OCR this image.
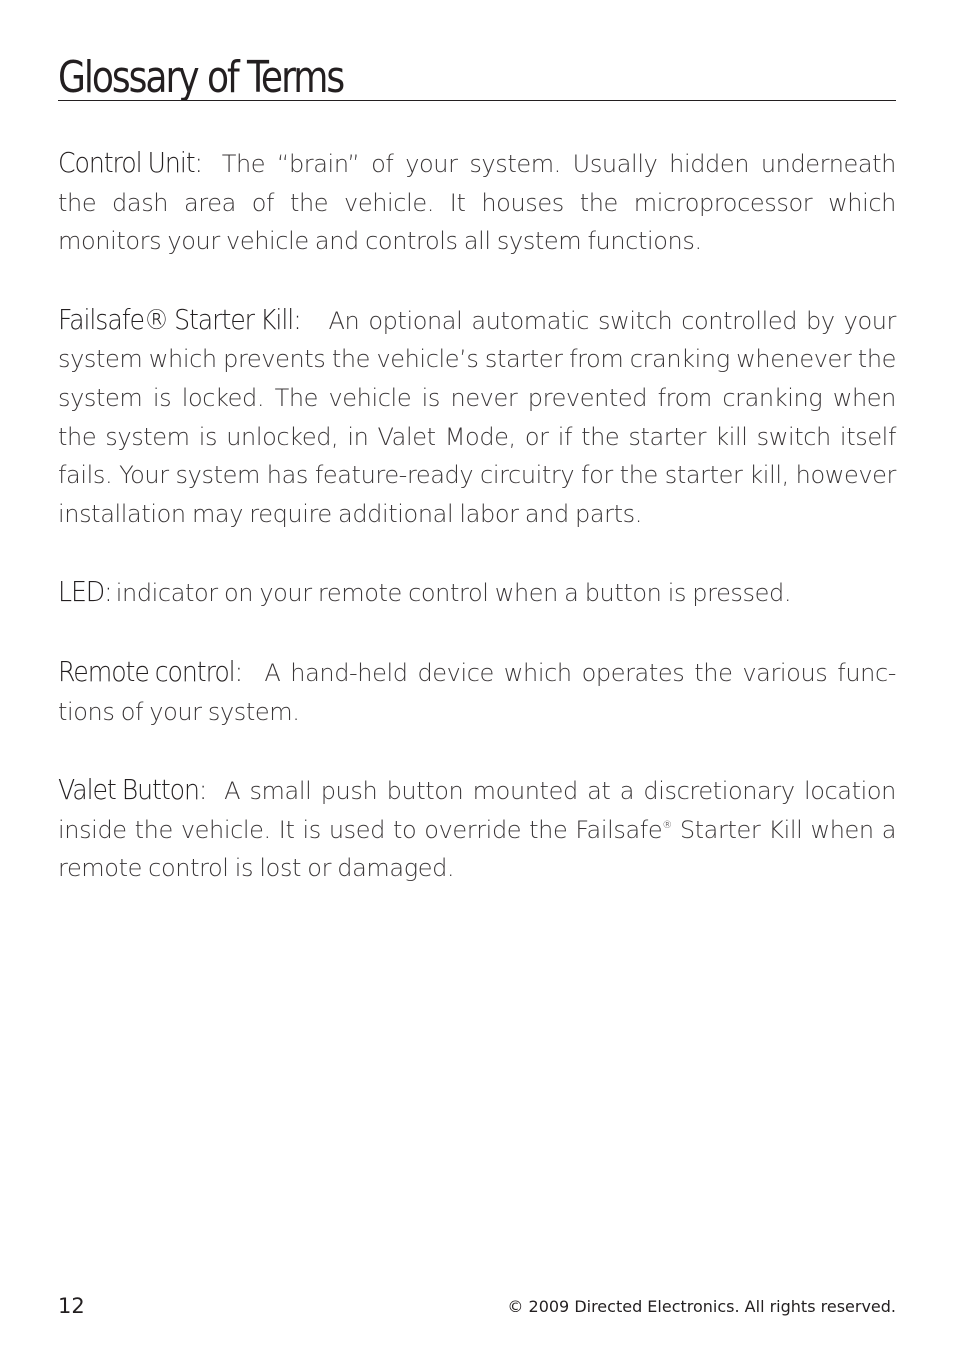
Glossary of Terms

Control Unit: The “brain” of your system. Usually hidden underneath the dash area of the vehicle. It houses the microprocessor which monitors your vehicle and controls all system functions.

Failsafe® Starter Kill: An optional automatic switch controlled by your system which prevents the vehicle’s starter from cranking whenever the system is locked. The vehicle is never prevented from cranking when the system is unlocked, in Valet Mode, or if the starter kill switch itself fails. Your system has feature-ready circuitry for the starter kill, however installation may require additional labor and parts.

LED: indicator on your remote control when a button is pressed.

Remote control: A hand-held device which operates the various func-tions of your system.

Valet Button: A small push button mounted at a discretionary location inside the vehicle. It is used to override the Failsafe® Starter Kill when a remote control is lost or damaged.

12	© 2009 Directed Electronics. All rights reserved.
